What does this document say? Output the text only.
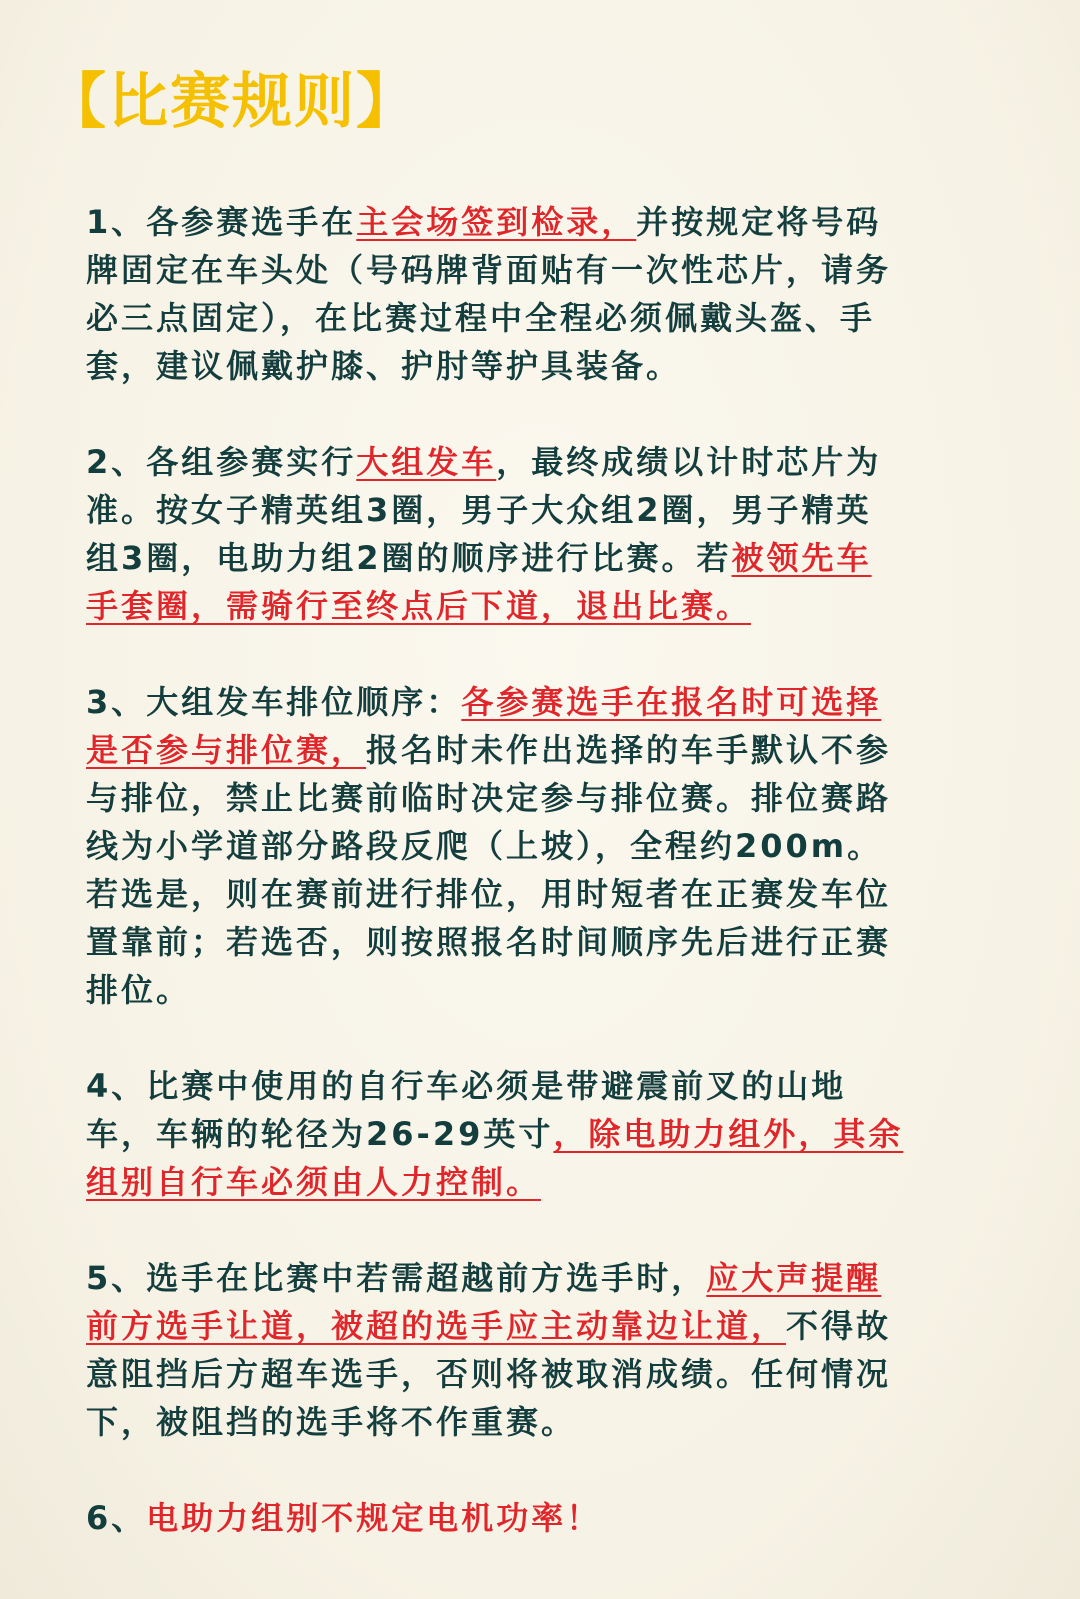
【比赛规则】
1、各参赛选手在主会场签到检录，并按规定将号码牌固定在车头处（号码牌背面贴有一次性芯片，请务必三点固定），在比赛过程中全程必须佩戴头盔、手套，建议佩戴护膝、护肘等护具装备。
2、各组参赛实行大组发车，最终成绩以计时芯片为准。按女子精英组3圈，男子大众组2圈，男子精英组3圈，电助力组2圈的顺序进行比赛。若被领先车手套圈，需骑行至终点后下道，退出比赛。
3、大组发车排位顺序：各参赛选手在报名时可选择是否参与排位赛，报名时未作出选择的车手默认不参与排位，禁止比赛前临时决定参与排位赛。排位赛路线为小学道部分路段反爬（上坡），全程约200m。若选是，则在赛前进行排位，用时短者在正赛发车位置靠前；若选否，则按照报名时间顺序先后进行正赛排位。
4、比赛中使用的自行车必须是带避震前叉的山地车，车辆的轮径为26-29英寸，除电助力组外，其余组别自行车必须由人力控制。
5、选手在比赛中若需超越前方选手时，应大声提醒前方选手让道，被超的选手应主动靠边让道，不得故意阻挡后方超车选手，否则将被取消成绩。任何情况下，被阻挡的选手将不作重赛。
6、电助力组别不规定电机功率！
